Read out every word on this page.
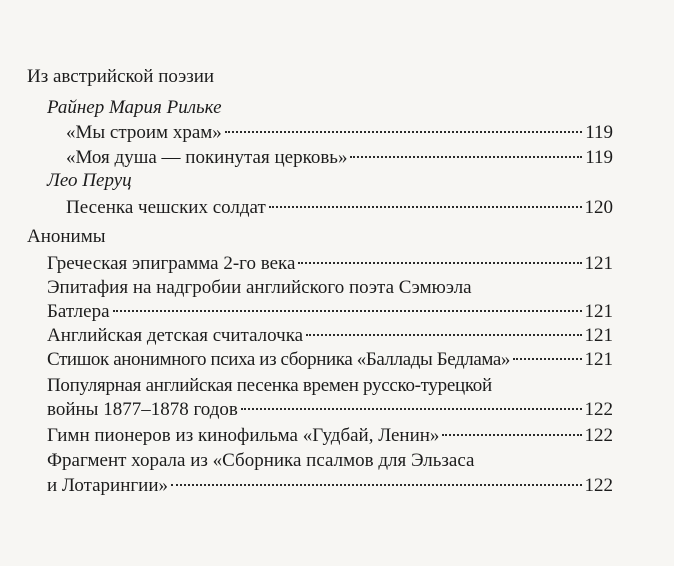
Из австрийской поэзии
Райнер Мария Рильке
«Мы строим храм»	119
«Моя душа — покинутая церковь»	119
Лео Перуц
Песенка чешских солдат	120
Анонимы
Греческая эпиграмма 2-го века	121
Эпитафия на надгробии английского поэта Сэмюэла
Батлера	121
Английская детская считалочка	121
Стишок анонимного психа из сборника «Баллады Бедлама»	121
Популярная английская песенка времен русско-турецкой
войны 1877–1878 годов	122
Гимн пионеров из кинофильма «Гудбай, Ленин»	122
Фрагмент хорала из «Сборника псалмов для Эльзаса
и Лотарингии»	122
